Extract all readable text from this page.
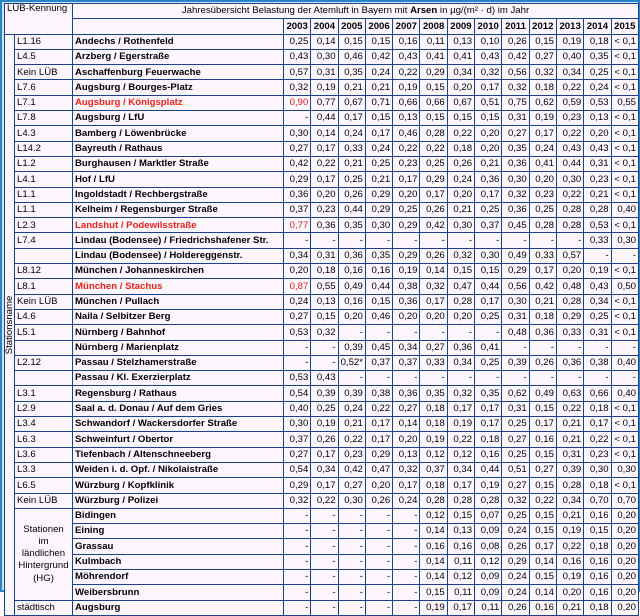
LÜB-Kennung		Jahresübersicht Belastung der Atemluft in Bayern mit Arsen in µg/(m² · d) im Jahr													
			2003	2004	2005	2006	2007	2008	2009	2010	2011	2012	2013	2014	2015

Stationsname	L1.16	Andechs / Rothenfeld	0,25	0,14	0,15	0,15	0,16	0,11	0,13	0,10	0,26	0,15	0,19	0,18	< 0,1
	L4.5	Arzberg / Egerstraße	0,43	0,30	0,46	0,42	0,43	0,41	0,41	0,43	0,42	0,27	0,40	0,35	< 0,1
	Kein LÜB	Aschaffenburg Feuerwache	0,57	0,31	0,35	0,24	0,22	0,29	0,34	0,32	0,56	0,32	0,34	0,25	< 0,1
	L7.6	Augsburg / Bourges-Platz	0,32	0,19	0,21	0,21	0,19	0,15	0,20	0,17	0,32	0,18	0,22	0,24	< 0,1
	L7.1	Augsburg / Königsplatz	0,90	0,77	0,67	0,71	0,66	0,66	0,67	0,51	0,75	0,62	0,59	0,53	0,55
	L7.8	Augsburg / LfU	-	0,44	0,17	0,15	0,13	0,15	0,15	0,15	0,31	0,19	0,23	0,13	< 0,1
	L4.3	Bamberg / Löwenbrücke	0,30	0,14	0,24	0,17	0,46	0,28	0,22	0,20	0,27	0,17	0,22	0,20	< 0,1
	L14.2	Bayreuth / Rathaus	0,27	0,17	0,33	0,24	0,22	0,22	0,18	0,20	0,35	0,24	0,43	0,43	< 0,1
	L1.2	Burghausen / Marktler Straße	0,42	0,22	0,21	0,25	0,23	0,25	0,26	0,21	0,36	0,41	0,44	0,31	< 0,1
	L4.1	Hof / LfU	0,29	0,17	0,25	0,21	0,17	0,29	0,24	0,36	0,30	0,20	0,30	0,23	< 0,1
	L1.1	Ingoldstadt / Rechbergstraße	0,36	0,20	0,26	0,29	0,20	0,17	0,20	0,17	0,32	0,23	0,22	0,21	< 0,1
	L1.1	Kelheim / Regensburger Straße	0,37	0,23	0,44	0,29	0,25	0,26	0,21	0,25	0,36	0,25	0,28	0,28	0,40
	L2.3	Landshut / Podewilsstraße	0,77	0,36	0,35	0,30	0,29	0,42	0,30	0,37	0,45	0,28	0,28	0,53	< 0,1
	L7.4	Lindau (Bodensee) / Friedrichshafener Str.	-	-	-	-	-	-	-	-	-	-	-	0,33	0,30
		Lindau (Bodensee) / Holdereggenstr.	0,34	0,31	0,36	0,35	0,29	0,26	0,32	0,30	0,49	0,33	0,57	-	-
	L8.12	München / Johanneskirchen	0,20	0,18	0,16	0,16	0,19	0,14	0,15	0,15	0,29	0,17	0,20	0,19	< 0,1
	L8.1	München / Stachus	0,87	0,55	0,49	0,44	0,38	0,32	0,47	0,44	0,56	0,42	0,48	0,43	0,50
	Kein LÜB	München / Pullach	0,24	0,13	0,16	0,15	0,36	0,17	0,28	0,17	0,30	0,21	0,28	0,34	< 0,1
	L4.6	Naila / Selbitzer Berg	0,27	0,15	0,20	0,46	0,20	0,20	0,20	0,25	0,31	0,18	0,29	0,25	< 0,1
	L5.1	Nürnberg / Bahnhof	0,53	0,32	-	-	-	-	-	-	0,48	0,36	0,33	0,31	< 0,1
		Nürnberg / Marienplatz	-	-	0,39	0,45	0,34	0,27	0,36	0,41	-	-	-	-	-
	L2.12	Passau / Stelzhamerstraße	-	-	0,52*	0,37	0,37	0,33	0,34	0,25	0,39	0,26	0,36	0,38	0,40
		Passau / Kl. Exerzierplatz	0,53	0,43	-	-	-	-	-	-	-	-	-	-	-
	L3.1	Regensburg / Rathaus	0,54	0,39	0,39	0,38	0,36	0,35	0,32	0,35	0,62	0,49	0,63	0,66	0,40
	L2.9	Saal a. d. Donau / Auf dem Gries	0,40	0,25	0,24	0,22	0,27	0,18	0,17	0,17	0,31	0,15	0,22	0,18	< 0,1
	L3.4	Schwandorf / Wackersdorfer Straße	0,30	0,19	0,21	0,17	0,14	0,18	0,19	0,17	0,25	0,17	0,21	0,17	< 0,1
	L6.3	Schweinfurt / Obertor	0,37	0,26	0,22	0,17	0,20	0,19	0,22	0,18	0,27	0,16	0,21	0,22	< 0,1
	L3.6	Tiefenbach / Altenschneeberg	0,27	0,17	0,23	0,29	0,13	0,12	0,12	0,16	0,25	0,15	0,31	0,23	< 0,1
	L3.3	Weiden i. d. Opf. / Nikolaistraße	0,54	0,34	0,42	0,47	0,32	0,37	0,34	0,44	0,51	0,27	0,39	0,30	0,30
	L6.5	Würzburg / Kopfklinik	0,29	0,17	0,27	0,20	0,17	0,18	0,17	0,19	0,27	0,15	0,28	0,18	< 0,1
	Kein LÜB	Würzburg / Polizei	0,32	0,22	0,30	0,26	0,24	0,28	0,28	0,28	0,32	0,22	0,34	0,70	0,70
	Stationen im ländlichen Hintergrund (HG)	Bidingen	-	-	-	-	-	0,12	0,15	0,07	0,25	0,15	0,21	0,16	0,20
		Eining	-	-	-	-	-	0,14	0,13	0,09	0,24	0,15	0,19	0,15	0,20
		Grassau	-	-	-	-	-	0,16	0,16	0,08	0,26	0,17	0,22	0,18	0,20
		Kulmbach	-	-	-	-	-	0,14	0,11	0,12	0,29	0,14	0,16	0,16	0,20
		Möhrendorf	-	-	-	-	-	0,14	0,12	0,09	0,24	0,15	0,19	0,16	0,20
		Weibersbrunn	-	-	-	-	-	0,15	0,11	0,09	0,24	0,14	0,20	0,16	0,20
	städtisch	Augsburg	-	-	-	-	-	0,19	0,17	0,11	0,26	0,16	0,21	0,18	0,20
